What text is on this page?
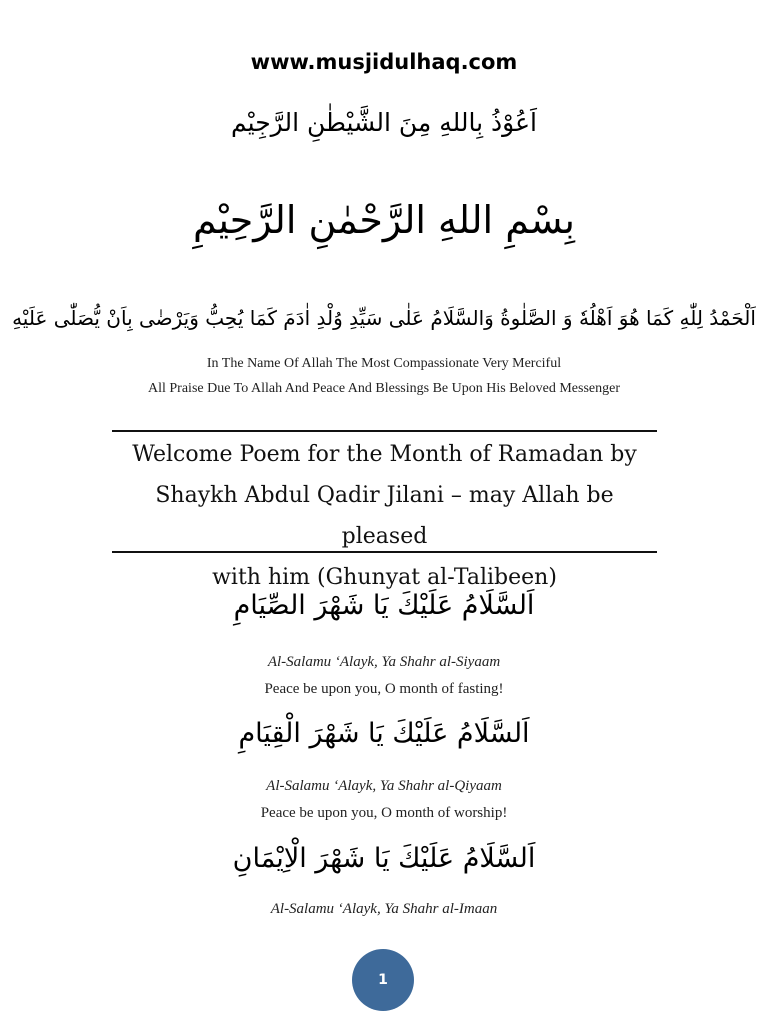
www.musjidulhaq.com
اَعُوْذُ بِاللهِ مِنَ الشَّيْطٰنِ الرَّجِيْم
بِسْمِ اللهِ الرَّحْمٰنِ الرَّحِيْمِ
اَلْحَمْدُ لِلّٰهِ كَمَا هُوَ اَهْلُهٗ وَ الصَّلٰوةُ وَالسَّلَامُ عَلٰى سَيِّدِ وُلْدِ اٰدَمَ كَمَا يُحِبُّ وَيَرْضٰى بِاَنْ يُّصَلّٰى عَلَيْهِ
In The Name Of Allah The Most Compassionate Very Merciful
All Praise Due To Allah And Peace And Blessings Be Upon His Beloved Messenger
Welcome Poem for the Month of Ramadan by
Shaykh Abdul Qadir Jilani – may Allah be pleased
with him (Ghunyat al-Talibeen)
اَلسَّلَامُ عَلَيْكَ يَا شَهْرَ الصِّيَامِ
Al-Salamu ‘Alayk, Ya Shahr al-Siyaam
Peace be upon you, O month of fasting!
اَلسَّلَامُ عَلَيْكَ يَا شَهْرَ الْقِيَامِ
Al-Salamu ‘Alayk, Ya Shahr al-Qiyaam
Peace be upon you, O month of worship!
اَلسَّلَامُ عَلَيْكَ يَا شَهْرَ الْاِيْمَانِ
Al-Salamu ‘Alayk, Ya Shahr al-Imaan
1
